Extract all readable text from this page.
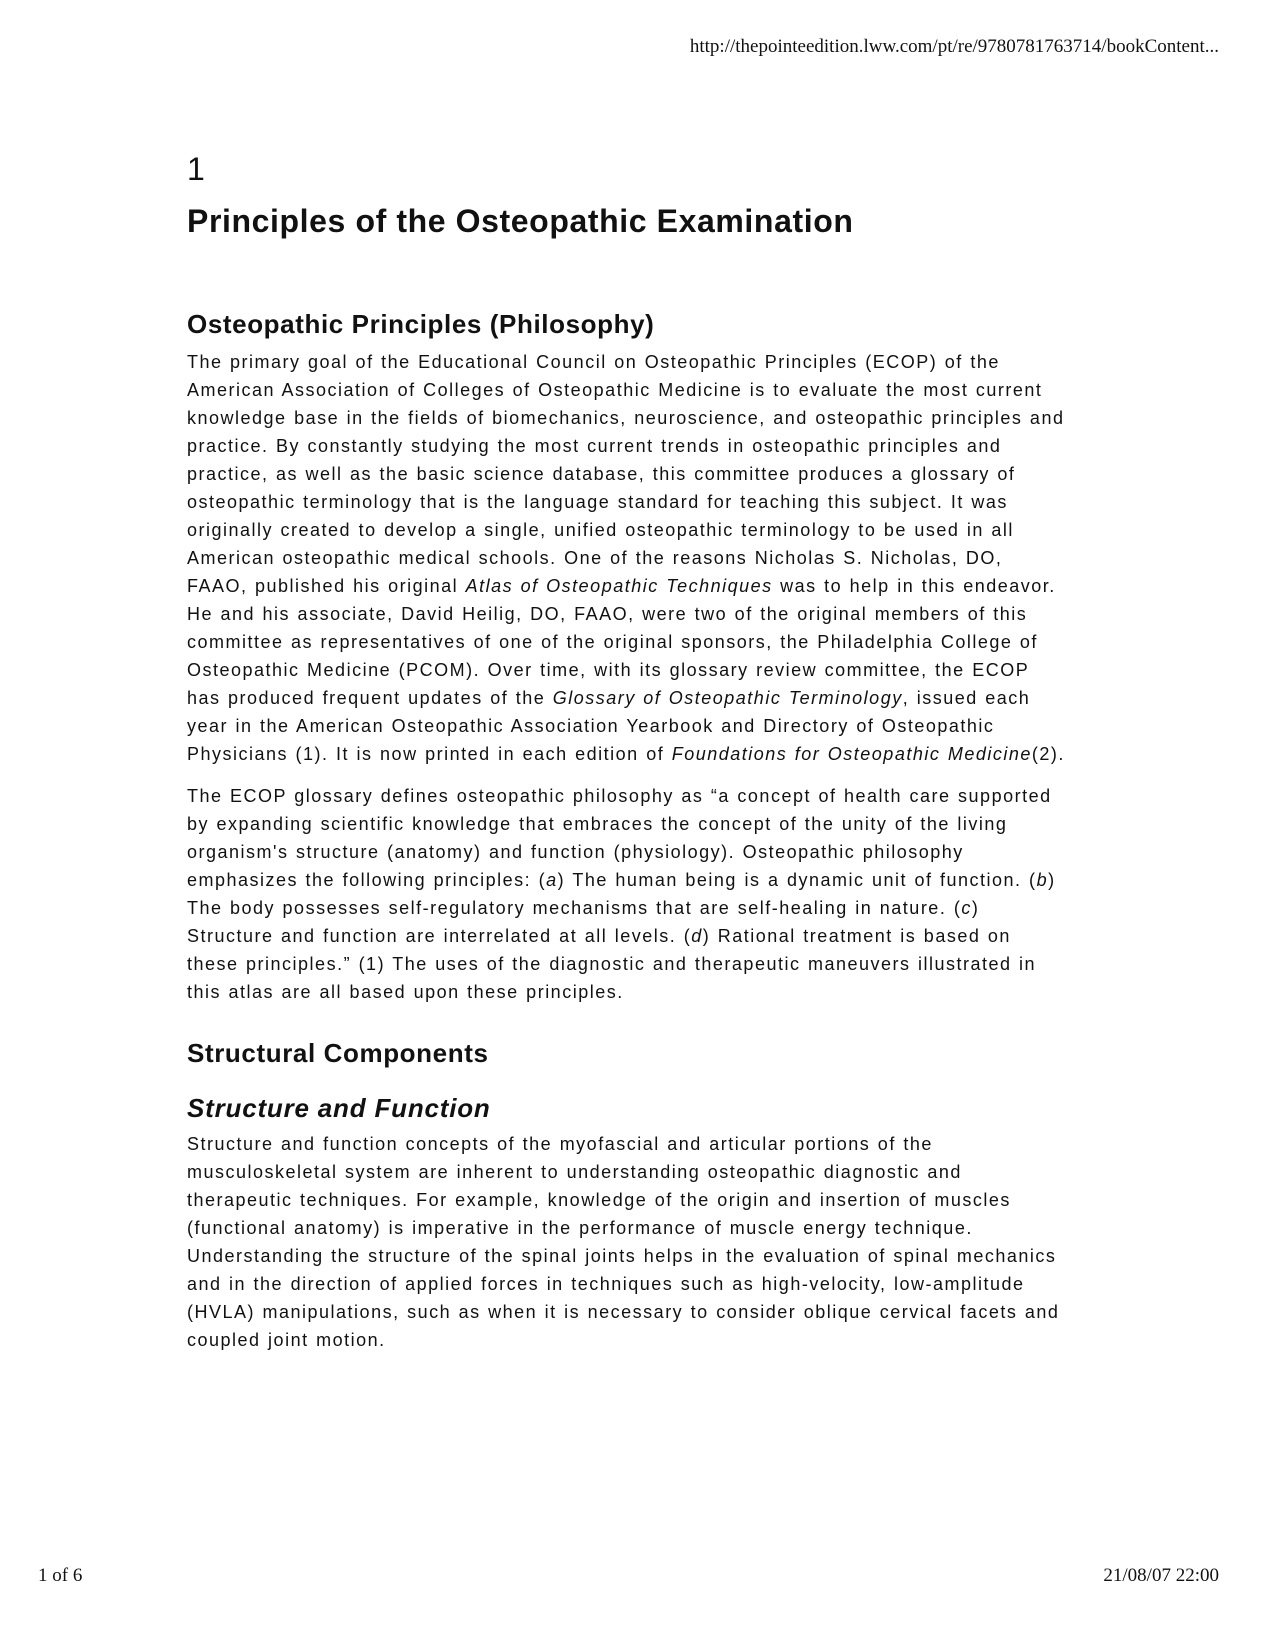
http://thepointeedition.lww.com/pt/re/9780781763714/bookContent...
1
Principles of the Osteopathic Examination
Osteopathic Principles (Philosophy)

The primary goal of the Educational Council on Osteopathic Principles (ECOP) of the American Association of Colleges of Osteopathic Medicine is to evaluate the most current knowledge base in the fields of biomechanics, neuroscience, and osteopathic principles and practice. By constantly studying the most current trends in osteopathic principles and practice, as well as the basic science database, this committee produces a glossary of osteopathic terminology that is the language standard for teaching this subject. It was originally created to develop a single, unified osteopathic terminology to be used in all American osteopathic medical schools. One of the reasons Nicholas S. Nicholas, DO, FAAO, published his original Atlas of Osteopathic Techniques was to help in this endeavor. He and his associate, David Heilig, DO, FAAO, were two of the original members of this committee as representatives of one of the original sponsors, the Philadelphia College of Osteopathic Medicine (PCOM). Over time, with its glossary review committee, the ECOP has produced frequent updates of the Glossary of Osteopathic Terminology, issued each year in the American Osteopathic Association Yearbook and Directory of Osteopathic Physicians (1). It is now printed in each edition of Foundations for Osteopathic Medicine(2).

The ECOP glossary defines osteopathic philosophy as “a concept of health care supported by expanding scientific knowledge that embraces the concept of the unity of the living organism's structure (anatomy) and function (physiology). Osteopathic philosophy emphasizes the following principles: (a) The human being is a dynamic unit of function. (b) The body possesses self-regulatory mechanisms that are self-healing in nature. (c) Structure and function are interrelated at all levels. (d) Rational treatment is based on these principles.” (1) The uses of the diagnostic and therapeutic maneuvers illustrated in this atlas are all based upon these principles.

Structural Components
Structure and Function

Structure and function concepts of the myofascial and articular portions of the musculoskeletal system are inherent to understanding osteopathic diagnostic and therapeutic techniques. For example, knowledge of the origin and insertion of muscles (functional anatomy) is imperative in the performance of muscle energy technique. Understanding the structure of the spinal joints helps in the evaluation of spinal mechanics and in the direction of applied forces in techniques such as high-velocity, low-amplitude (HVLA) manipulations, such as when it is necessary to consider oblique cervical facets and coupled joint motion.

1 of 6	21/08/07 22:00
